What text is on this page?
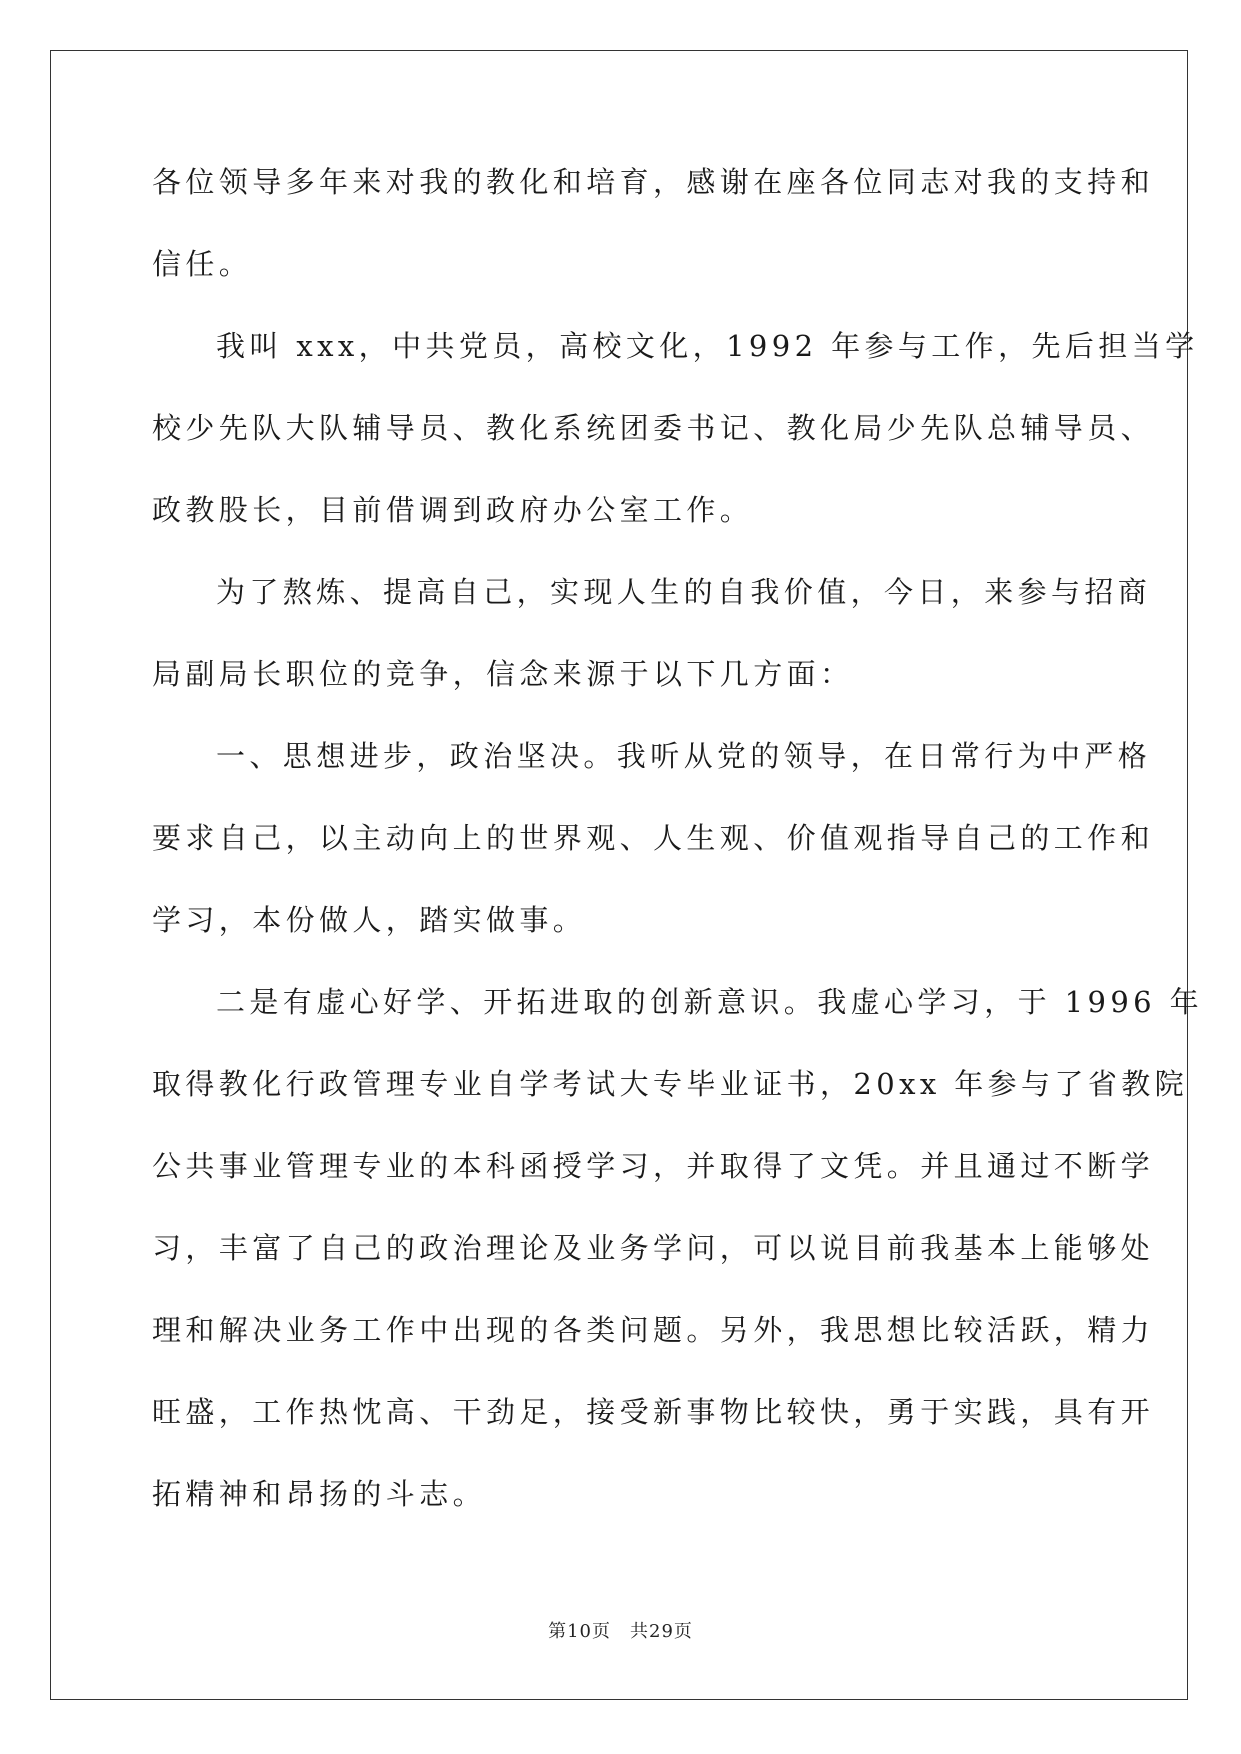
各位领导多年来对我的教化和培育，感谢在座各位同志对我的支持和
信任。
我叫 xxx，中共党员，高校文化，1992 年参与工作，先后担当学
校少先队大队辅导员、教化系统团委书记、教化局少先队总辅导员、
政教股长，目前借调到政府办公室工作。
为了熬炼、提高自己，实现人生的自我价值，今日，来参与招商
局副局长职位的竞争，信念来源于以下几方面：
一、思想进步，政治坚决。我听从党的领导，在日常行为中严格
要求自己，以主动向上的世界观、人生观、价值观指导自己的工作和
学习，本份做人，踏实做事。
二是有虚心好学、开拓进取的创新意识。我虚心学习，于 1996 年
取得教化行政管理专业自学考试大专毕业证书，20xx 年参与了省教院
公共事业管理专业的本科函授学习，并取得了文凭。并且通过不断学
习，丰富了自己的政治理论及业务学问，可以说目前我基本上能够处
理和解决业务工作中出现的各类问题。另外，我思想比较活跃，精力
旺盛，工作热忱高、干劲足，接受新事物比较快，勇于实践，具有开
拓精神和昂扬的斗志。
第10页　共29页
